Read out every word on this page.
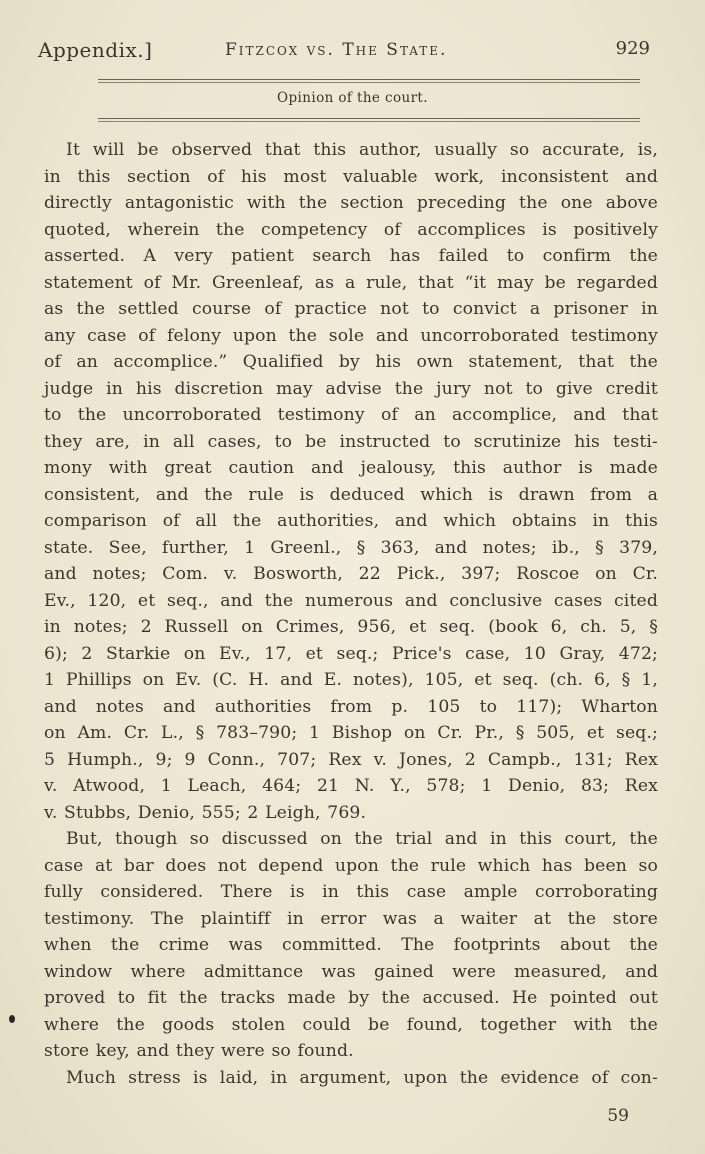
Appendix.]	Fitzcox vs. The State.	929
Opinion of the court.
It will be observed that this author, usually so accurate, is,
in this section of his most valuable work, inconsistent and
directly antagonistic with the section preceding the one above
quoted, wherein the competency of accomplices is positively
asserted. A very patient search has failed to confirm the
statement of Mr. Greenleaf, as a rule, that “it may be regarded
as the settled course of practice not to convict a prisoner in
any case of felony upon the sole and uncorroborated testimony
of an accomplice.” Qualified by his own statement, that the
judge in his discretion may advise the jury not to give credit
to the uncorroborated testimony of an accomplice, and that
they are, in all cases, to be instructed to scrutinize his testi-
mony with great caution and jealousy, this author is made
consistent, and the rule is deduced which is drawn from a
comparison of all the authorities, and which obtains in this
state. See, further, 1 Greenl., § 363, and notes; ib., § 379,
and notes; Com. v. Bosworth, 22 Pick., 397; Roscoe on Cr.
Ev., 120, et seq., and the numerous and conclusive cases cited
in notes; 2 Russell on Crimes, 956, et seq. (book 6, ch. 5, §
6); 2 Starkie on Ev., 17, et seq.; Price's case, 10 Gray, 472;
1 Phillips on Ev. (C. H. and E. notes), 105, et seq. (ch. 6, § 1,
and notes and authorities from p. 105 to 117); Wharton
on Am. Cr. L., § 783–790; 1 Bishop on Cr. Pr., § 505, et seq.;
5 Humph., 9; 9 Conn., 707; Rex v. Jones, 2 Campb., 131; Rex
v. Atwood, 1 Leach, 464; 21 N. Y., 578; 1 Denio, 83; Rex
v. Stubbs, Denio, 555; 2 Leigh, 769.
But, though so discussed on the trial and in this court, the
case at bar does not depend upon the rule which has been so
fully considered. There is in this case ample corroborating
testimony. The plaintiff in error was a waiter at the store
when the crime was committed. The footprints about the
window where admittance was gained were measured, and
proved to fit the tracks made by the accused. He pointed out
where the goods stolen could be found, together with the
store key, and they were so found.
Much stress is laid, in argument, upon the evidence of con-
59
